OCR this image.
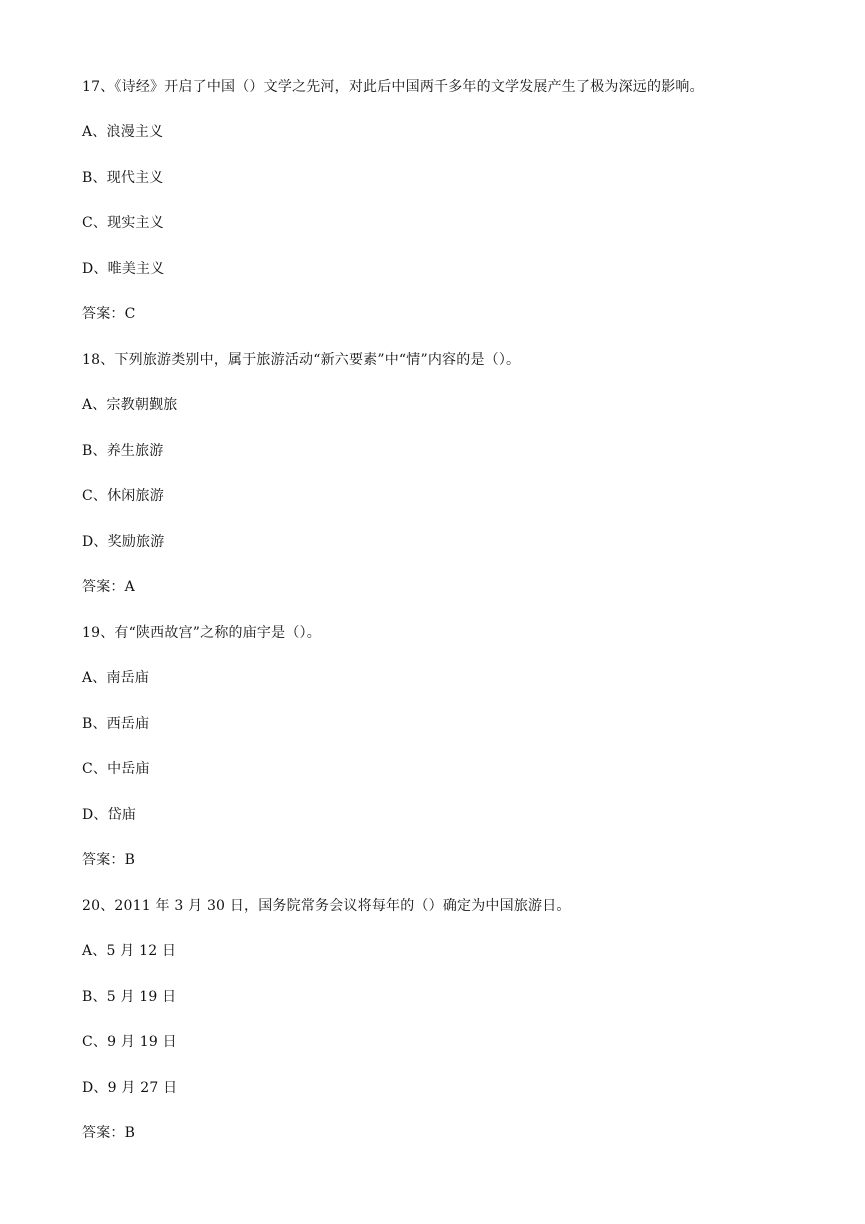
17、《诗经》开启了中国（）文学之先河，对此后中国两千多年的文学发展产生了极为深远的影响。
A、浪漫主义
B、现代主义
C、现实主义
D、唯美主义
答案：C
18、下列旅游类别中，属于旅游活动“新六要素”中“情”内容的是（）。
A、宗教朝觐旅
B、养生旅游
C、休闲旅游
D、奖励旅游
答案：A
19、有“陕西故宫”之称的庙宇是（）。
A、南岳庙
B、西岳庙
C、中岳庙
D、岱庙
答案：B
20、2011 年 3 月 30 日，国务院常务会议将每年的（）确定为中国旅游日。
A、5 月 12 日
B、5 月 19 日
C、9 月 19 日
D、9 月 27 日
答案：B
